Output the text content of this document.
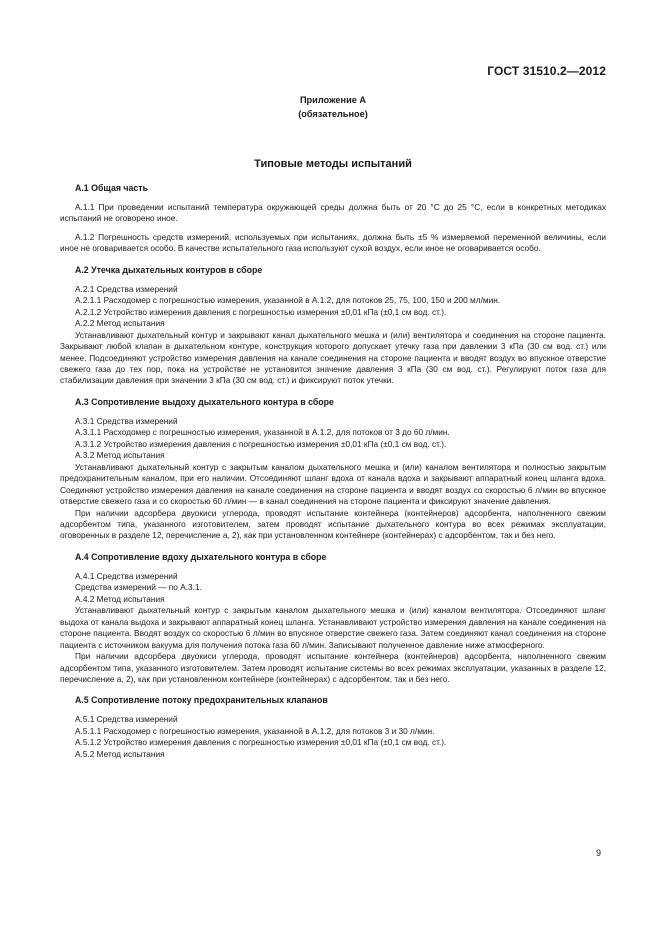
ГОСТ 31510.2—2012
Приложение А
(обязательное)
Типовые методы испытаний
А.1 Общая часть

А.1.1 При проведении испытаний температура окружающей среды должна быть от 20 °С до 25 °С, если в конкретных методиках испытаний не оговорено иное.

А.1.2 Погрешность средств измерений, используемых при испытаниях, должна быть ±5 % измеряемой переменной величины, если иное не оговаривается особо. В качестве испытательного газа используют сухой воздух, если иное не оговаривается особо.

А.2 Утечка дыхательных контуров в сборе

А.2.1 Средства измерений

А.2.1.1 Расходомер с погрешностью измерения, указанной в А.1.2, для потоков 25, 75, 100, 150 и 200 мл/мин.

А.2.1.2 Устройство измерения давления с погрешностью измерения ±0,01 кПа (±0,1 см вод. ст.).

А.2.2 Метод испытания

Устанавливают дыхательный контур и закрывают канал дыхательного мешка и (или) вентилятора и соединения на стороне пациента. Закрывают любой клапан в дыхательном контуре, конструкция которого допускает утечку газа при давлении 3 кПа (30 см вод. ст.) или менее. Подсоединяют устройство измерения давления на канале соединения на стороне пациента и вводят воздух во впускное отверстие свежего газа до тех пор, пока на устройстве не установится значение давления 3 кПа (30 см вод. ст.). Регулируют поток газа для стабилизации давления при значении 3 кПа (30 см вод. ст.) и фиксируют поток утечки.

А.3 Сопротивление выдоху дыхательного контура в сборе

А.3.1 Средства измерений

А.3.1.1 Расходомер с погрешностью измерения, указанной в А.1.2, для потоков от 3 до 60 л/мин.

А.3.1.2 Устройство измерения давления с погрешностью измерения ±0,01 кПа (±0,1 см вод. ст.).

А.3.2 Метод испытания

Устанавливают дыхательный контур с закрытым каналом дыхательного мешка и (или) каналом вентилятора и полностью закрытым предохранительным каналом, при его наличии. Отсоединяют шланг вдоха от канала вдоха и закрывают аппаратный конец шланга вдоха. Соединяют устройство измерения давления на канале соединения на стороне пациента и вводят воздух со скоростью 6 л/мин во впускное отверстие свежего газа и со скоростью 60 л/мин — в канал соединения на стороне пациента и фиксируют значение давления.

При наличии адсорбера двуокиси углерода, проводят испытание контейнера (контейнеров) адсорбента, наполненного свежим адсорбентом типа, указанного изготовителем, затем проводят испытание дыхательного контура во всех режимах эксплуатации, оговоренных в разделе 12, перечисление а, 2), как при установленном контейнере (контейнерах) с адсорбентом, так и без него.

А.4 Сопротивление вдоху дыхательного контура в сборе

А.4.1 Средства измерений

Средства измерений — по А.3.1.

А.4.2 Метод испытания

Устанавливают дыхательный контур с закрытым каналом дыхательного мешка и (или) каналом вентилятора. Отсоединяют шланг выдоха от канала выдоха и закрывают аппаратный конец шланга. Устанавливают устройство измерения давления на канале соединения на стороне пациента. Вводят воздух со скоростью 6 л/мин во впускное отверстие свежего газа. Затем соединяют канал соединения на стороне пациента с источником вакуума для получения потока газа 60 л/мин. Записывают полученное давление ниже атмосферного.

При наличии адсорбера двуокиси углерода, проводят испытание контейнера (контейнеров) адсорбента, наполненного свежим адсорбентом типа, указанного изготовителем. Затем проводят испытание системы во всех режимах эксплуатации, указанных в разделе 12, перечисление а, 2), как при установленном контейнере (контейнерах) с адсорбентом, так и без него.

А.5 Сопротивление потоку предохранительных клапанов

А.5.1 Средства измерений

А.5.1.1 Расходомер с погрешностью измерения, указанной в А.1.2, для потоков 3 и 30 л/мин.

А.5.1.2 Устройство измерения давления с погрешностью измерения ±0,01 кПа (±0,1 см вод. ст.).

А.5.2 Метод испытания

9
